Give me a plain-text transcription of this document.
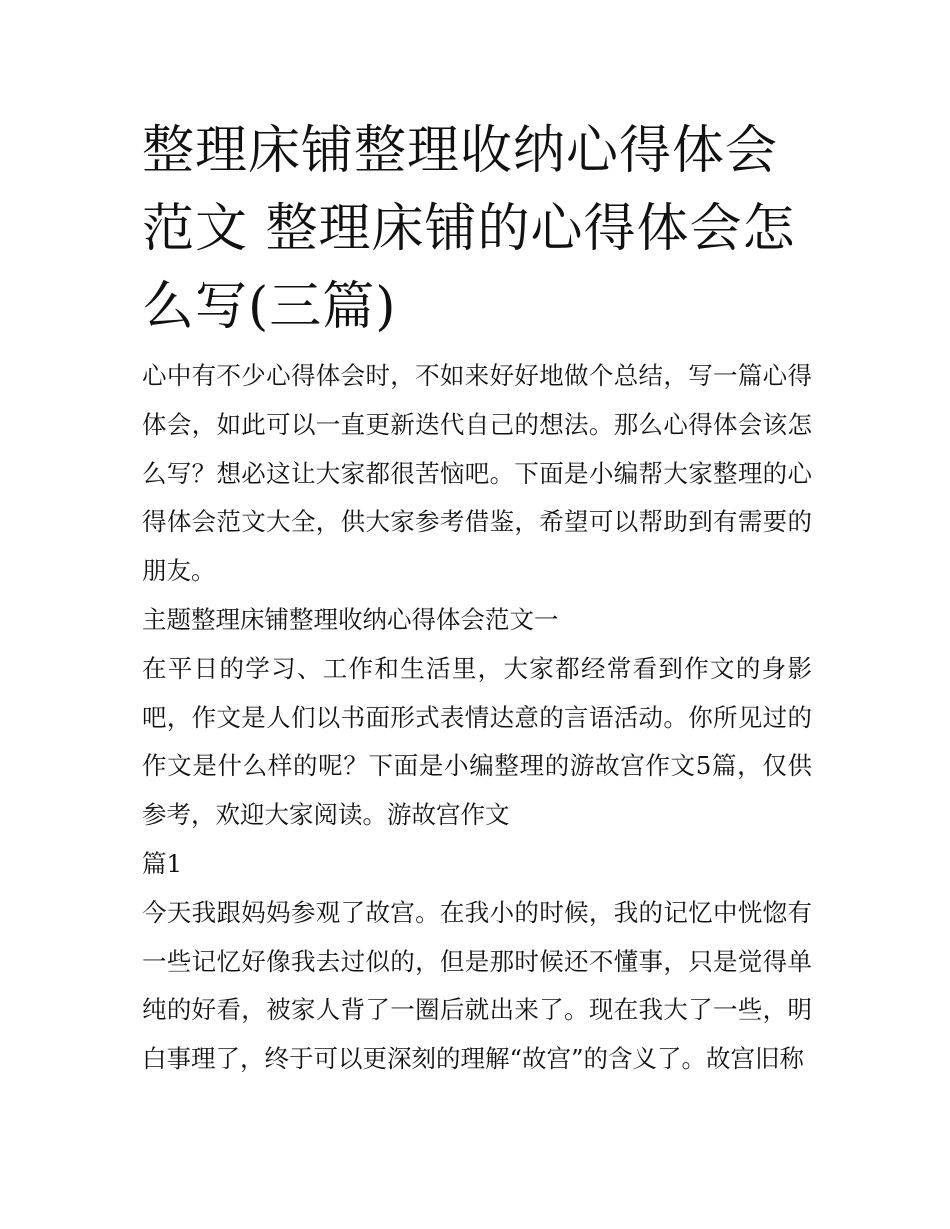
整理床铺整理收纳心得体会范文 整理床铺的心得体会怎么写(三篇)

心中有不少心得体会时，不如来好好地做个总结，写一篇心得体会，如此可以一直更新迭代自己的想法。那么心得体会该怎么写？想必这让大家都很苦恼吧。下面是小编帮大家整理的心得体会范文大全，供大家参考借鉴，希望可以帮助到有需要的朋友。

主题整理床铺整理收纳心得体会范文一

在平日的学习、工作和生活里，大家都经常看到作文的身影吧，作文是人们以书面形式表情达意的言语活动。你所见过的作文是什么样的呢？下面是小编整理的游故宫作文5篇，仅供参考，欢迎大家阅读。游故宫作文

篇1

今天我跟妈妈参观了故宫。在我小的时候，我的记忆中恍惚有一些记忆好像我去过似的，但是那时候还不懂事，只是觉得单纯的好看，被家人背了一圈后就出来了。现在我大了一些，明白事理了，终于可以更深刻的理解“故宫”的含义了。故宫旧称
